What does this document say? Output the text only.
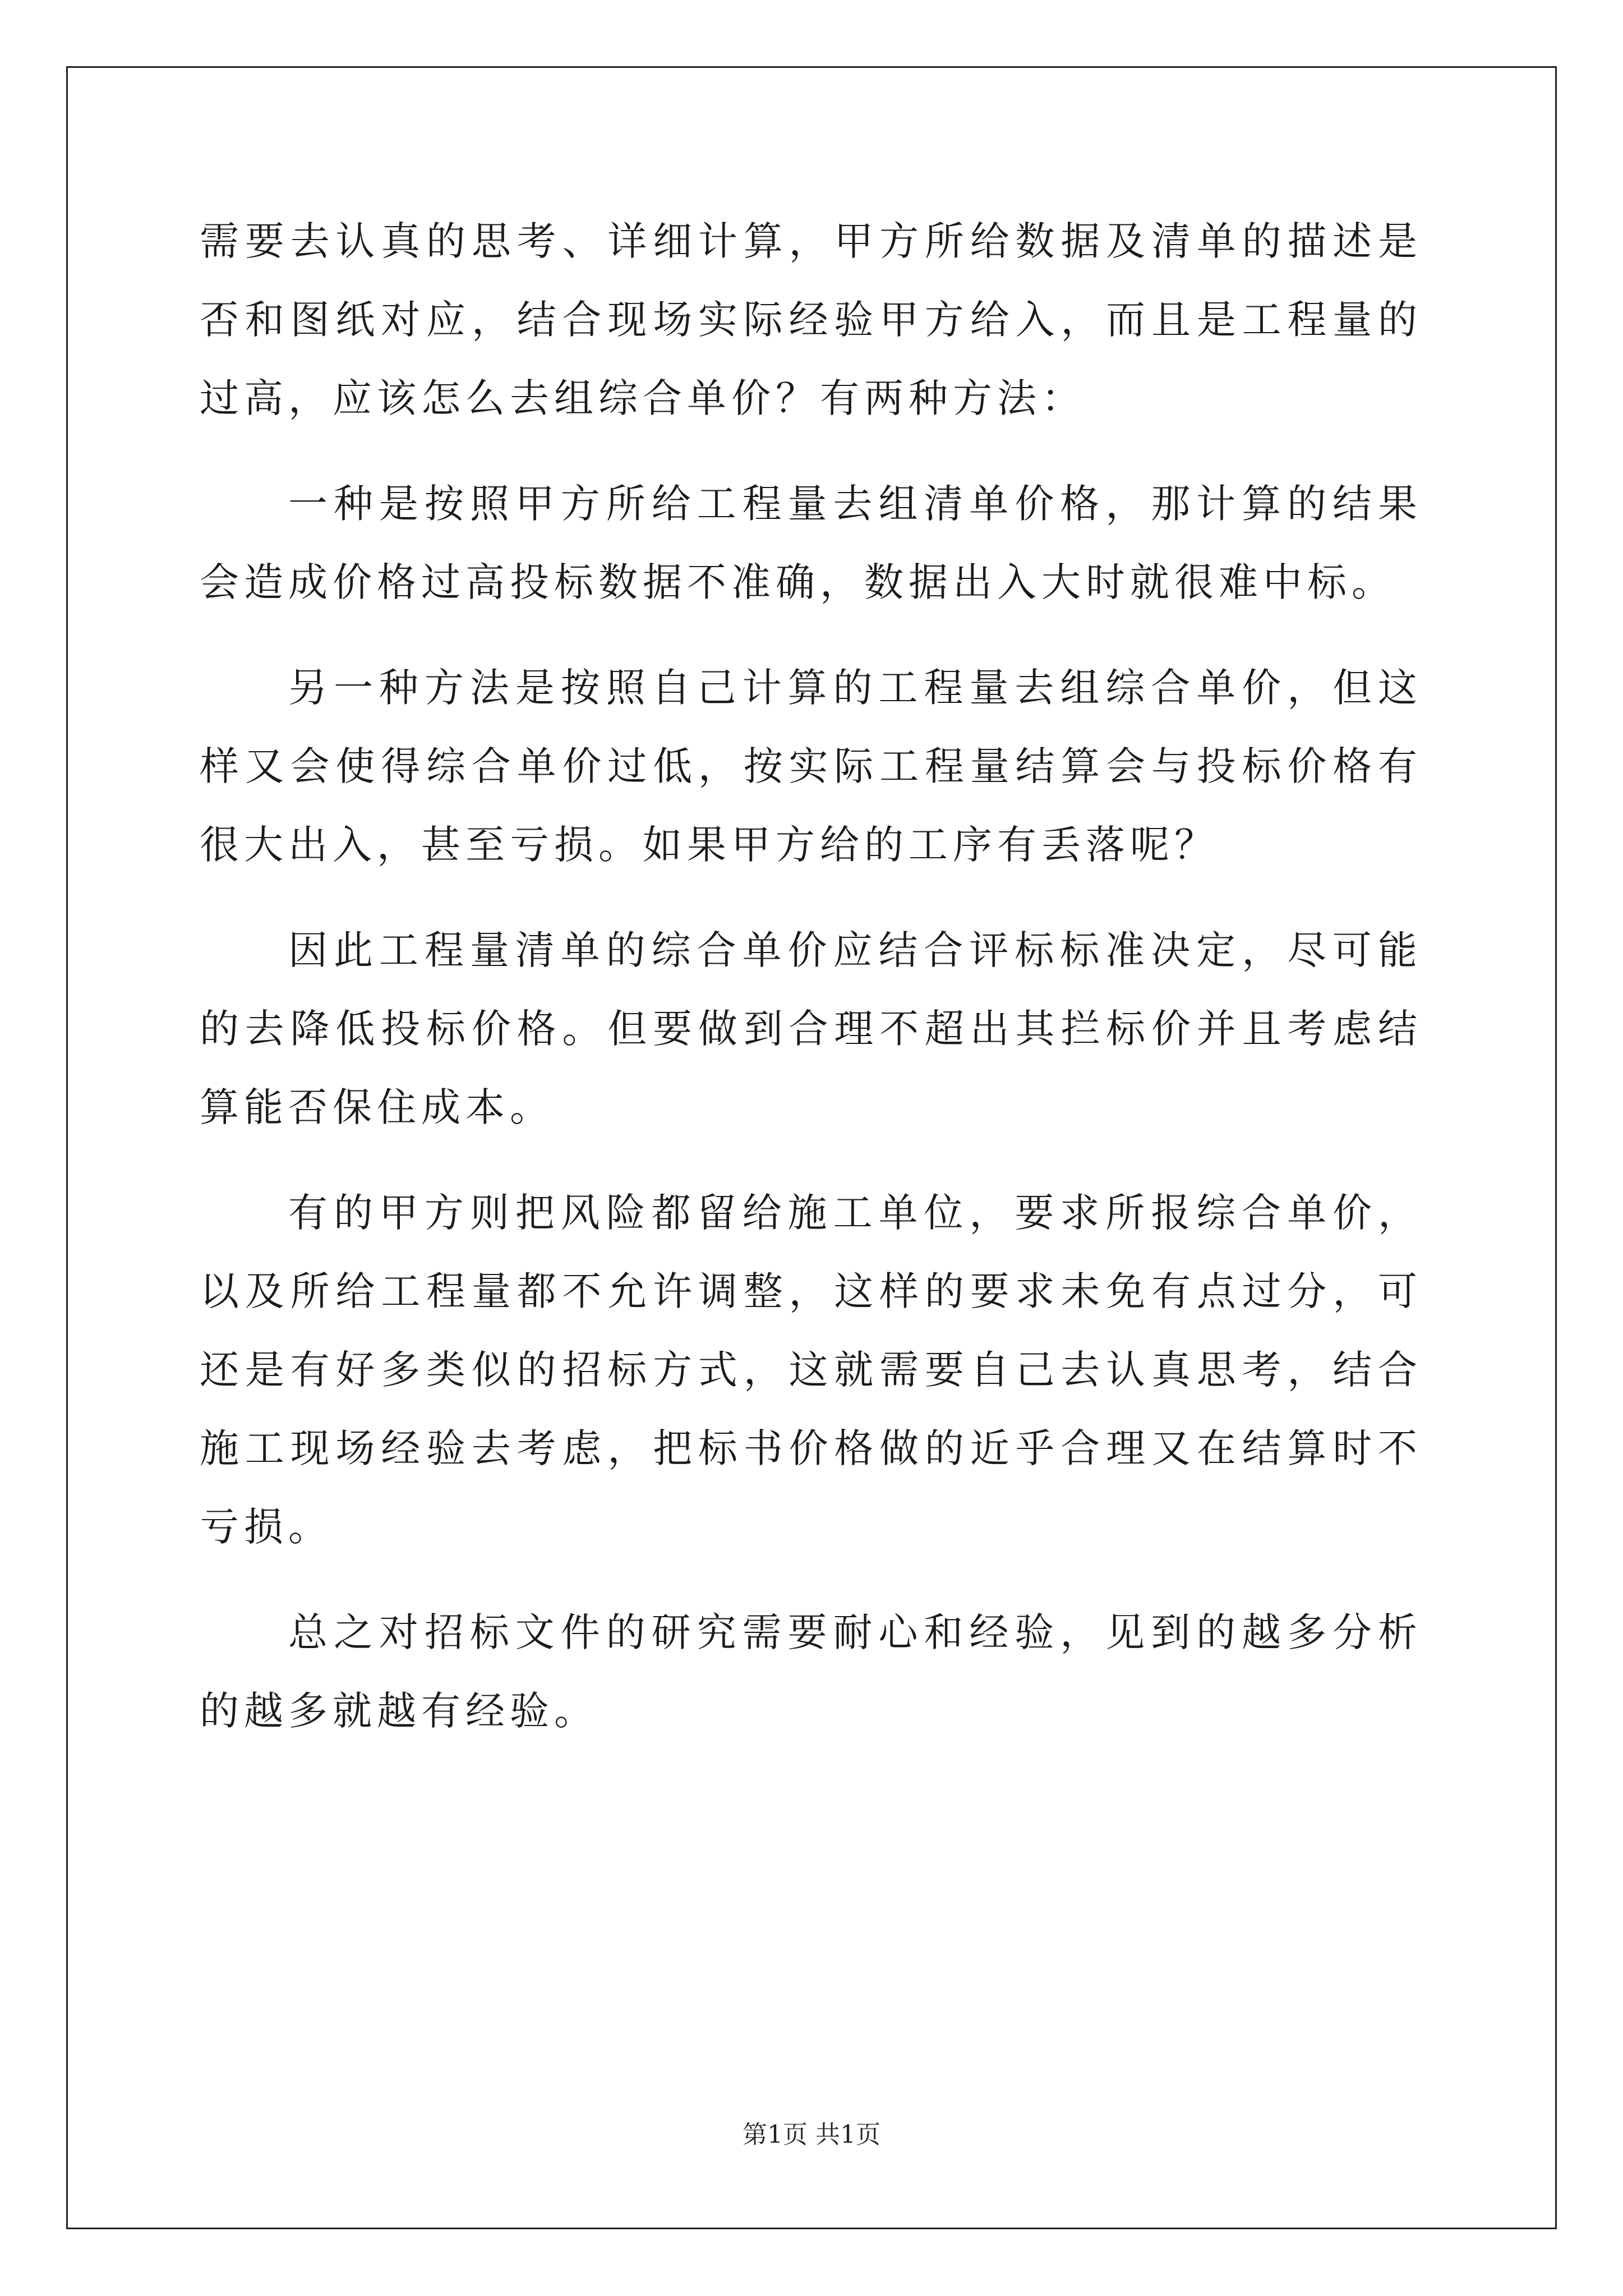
需要去认真的思考、详细计算，甲方所给数据及清单的描述是否和图纸对应，结合现场实际经验甲方给入，而且是工程量的过高，应该怎么去组综合单价？有两种方法：

一种是按照甲方所给工程量去组清单价格，那计算的结果会造成价格过高投标数据不准确，数据出入大时就很难中标。

另一种方法是按照自己计算的工程量去组综合单价，但这样又会使得综合单价过低，按实际工程量结算会与投标价格有很大出入，甚至亏损。如果甲方给的工序有丢落呢？

因此工程量清单的综合单价应结合评标标准决定，尽可能的去降低投标价格。但要做到合理不超出其拦标价并且考虑结算能否保住成本。

有的甲方则把风险都留给施工单位，要求所报综合单价，以及所给工程量都不允许调整，这样的要求未免有点过分，可还是有好多类似的招标方式，这就需要自己去认真思考，结合施工现场经验去考虑，把标书价格做的近乎合理又在结算时不亏损。

总之对招标文件的研究需要耐心和经验，见到的越多分析的越多就越有经验。

第1页 共1页
